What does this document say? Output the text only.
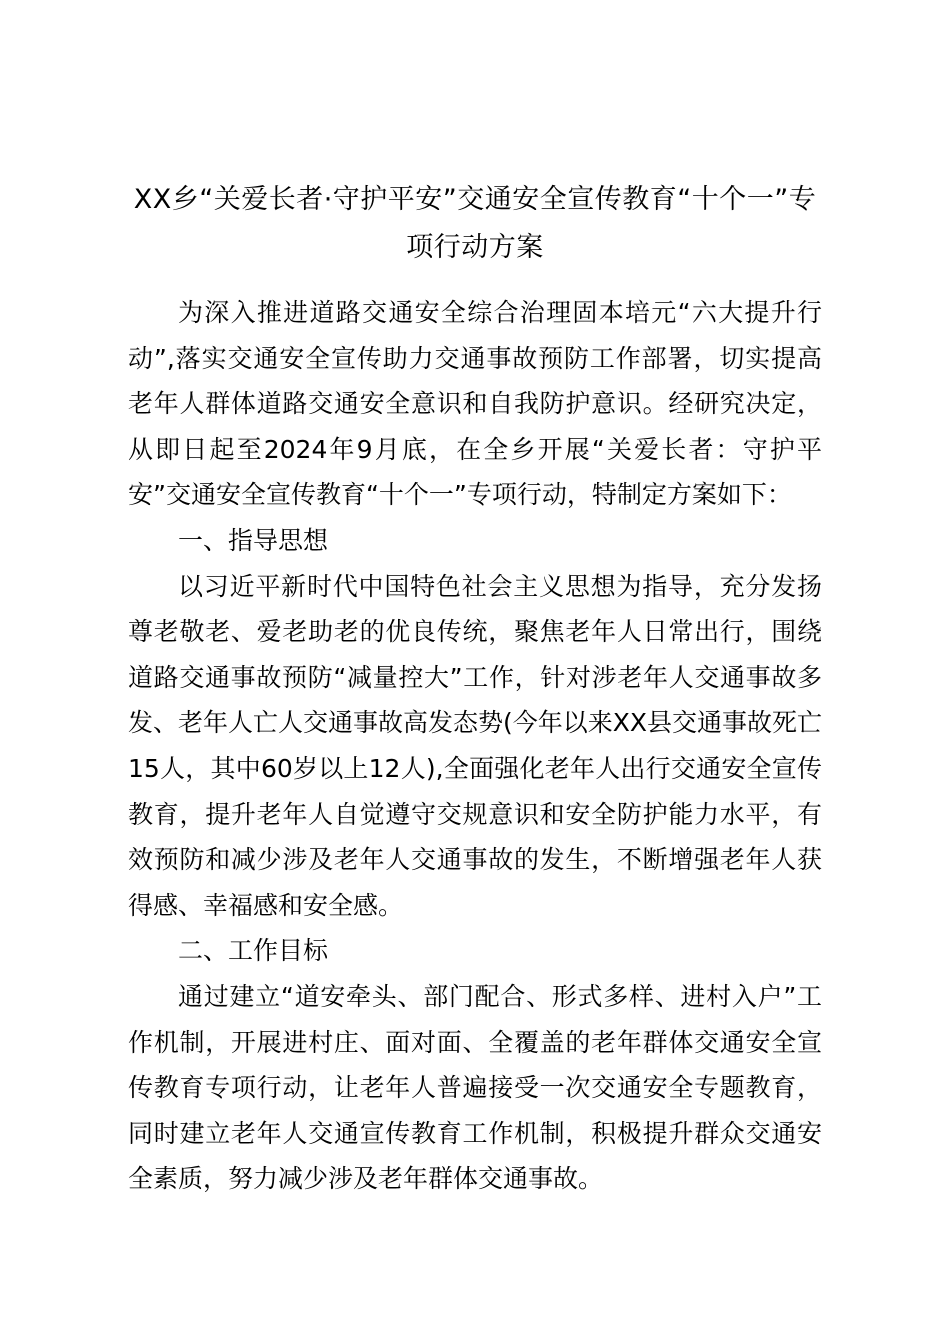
XX乡“关爱长者·守护平安”交通安全宣传教育“十个一”专项行动方案

为深入推进道路交通安全综合治理固本培元“六大提升行动”,落实交通安全宣传助力交通事故预防工作部署，切实提高老年人群体道路交通安全意识和自我防护意识。经研究决定，从即日起至2024年9月底，在全乡开展“关爱长者：守护平安”交通安全宣传教育“十个一”专项行动，特制定方案如下：

一、指导思想

以习近平新时代中国特色社会主义思想为指导，充分发扬尊老敬老、爱老助老的优良传统，聚焦老年人日常出行，围绕道路交通事故预防“减量控大”工作，针对涉老年人交通事故多发、老年人亡人交通事故高发态势(今年以来XX县交通事故死亡15人，其中60岁以上12人),全面强化老年人出行交通安全宣传教育，提升老年人自觉遵守交规意识和安全防护能力水平，有效预防和减少涉及老年人交通事故的发生，不断增强老年人获得感、幸福感和安全感。

二、工作目标

通过建立“道安牵头、部门配合、形式多样、进村入户”工作机制，开展进村庄、面对面、全覆盖的老年群体交通安全宣传教育专项行动，让老年人普遍接受一次交通安全专题教育，同时建立老年人交通宣传教育工作机制，积极提升群众交通安全素质，努力减少涉及老年群体交通事故。
